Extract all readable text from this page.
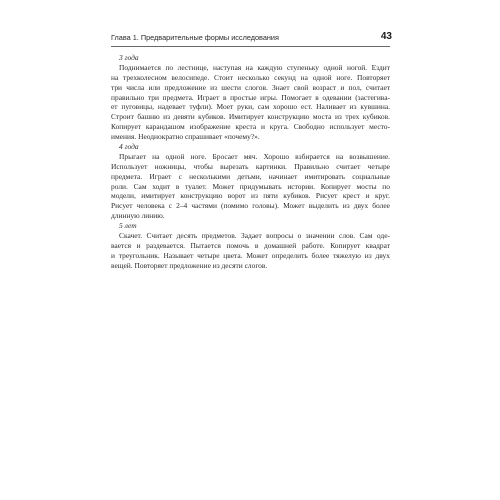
Глава 1. Предварительные формы исследования	43
3 года
Поднимается по лестнице, наступая на каждую ступеньку одной ногой. Ездит
на трехколесном велосипеде. Стоит несколько секунд на одной ноге. Повторяет
три числа или предложение из шести слогов. Знает свой возраст и пол, считает
правильно три предмета. Играет в простые игры. Помогает в одевании (застегива-
ет пуговицы, надевает туфли). Моет руки, сам хорошо ест. Наливает из кувшина.
Строит башню из девяти кубиков. Имитирует конструкцию моста из трех кубиков.
Копирует карандашом изображение креста и круга. Свободно использует место-
имения. Неоднократно спрашивает «почему?».
4 года
Прыгает на одной ноге. Бросает мяч. Хорошо взбирается на возвышение.
Использует ножницы, чтобы вырезать картинки. Правильно считает четыре
предмета. Играет с несколькими детьми, начинает имитировать социальные
роли. Сам ходит в туалет. Может придумывать истории. Копирует мосты по
модели, имитирует конструкцию ворот из пяти кубиков. Рисует крест и круг.
Рисует человека с 2–4 частями (помимо головы). Может выделить из двух более
длинную линию.
5 лет
Скачет. Считает десять предметов. Задает вопросы о значении слов. Сам оде-
вается и раздевается. Пытается помочь в домашней работе. Копирует квадрат
и треугольник. Называет четыре цвета. Может определить более тяжелую из двух
вещей. Повторяет предложение из десяти слогов.
